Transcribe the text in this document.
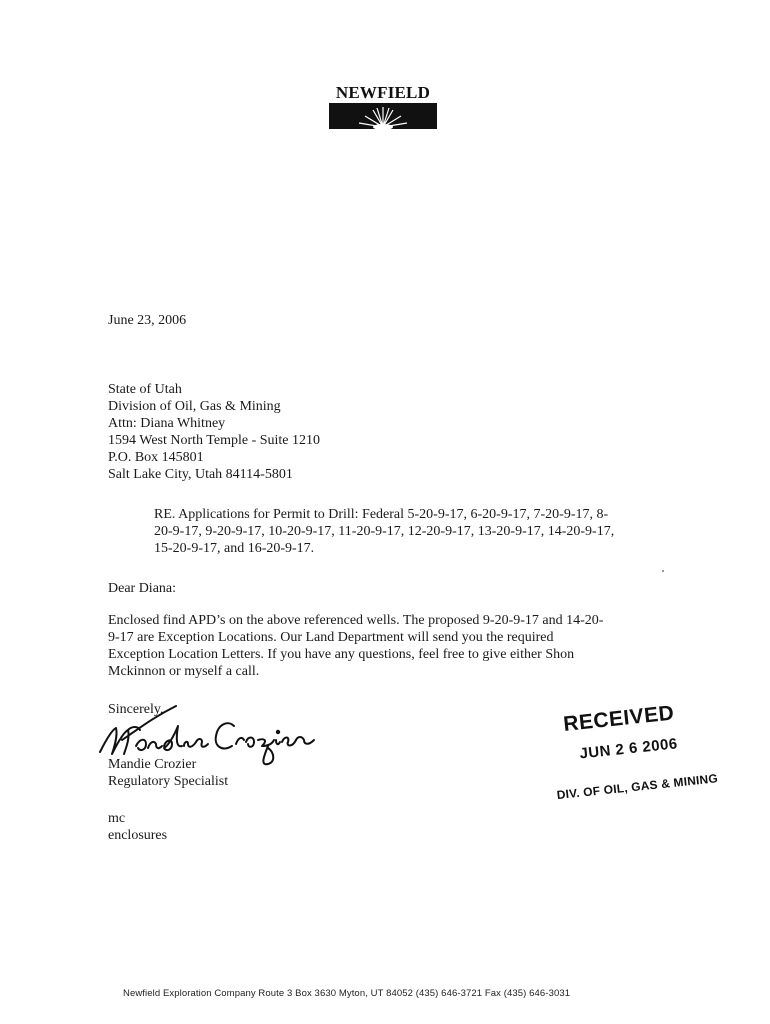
NEWFIELD
June 23, 2006
State of Utah
Division of Oil, Gas & Mining
Attn: Diana Whitney
1594 West North Temple - Suite 1210
P.O. Box 145801
Salt Lake City, Utah 84114-5801
RE. Applications for Permit to Drill: Federal 5-20-9-17, 6-20-9-17, 7-20-9-17, 8-
20-9-17, 9-20-9-17, 10-20-9-17, 11-20-9-17, 12-20-9-17, 13-20-9-17, 14-20-9-17,
15-20-9-17, and 16-20-9-17.
Dear Diana:
Enclosed find APD’s on the above referenced wells. The proposed 9-20-9-17 and 14-20-
9-17 are Exception Locations. Our Land Department will send you the required
Exception Location Letters. If you have any questions, feel free to give either Shon
Mckinnon or myself a call.
Sincerely,
Mandie Crozier
Regulatory Specialist
mc
enclosures
RECEIVED
JUN 2 6 2006
DIV. OF OIL, GAS & MINING
Newfield Exploration Company Route 3 Box 3630 Myton, UT 84052 (435) 646-3721 Fax (435) 646-3031
